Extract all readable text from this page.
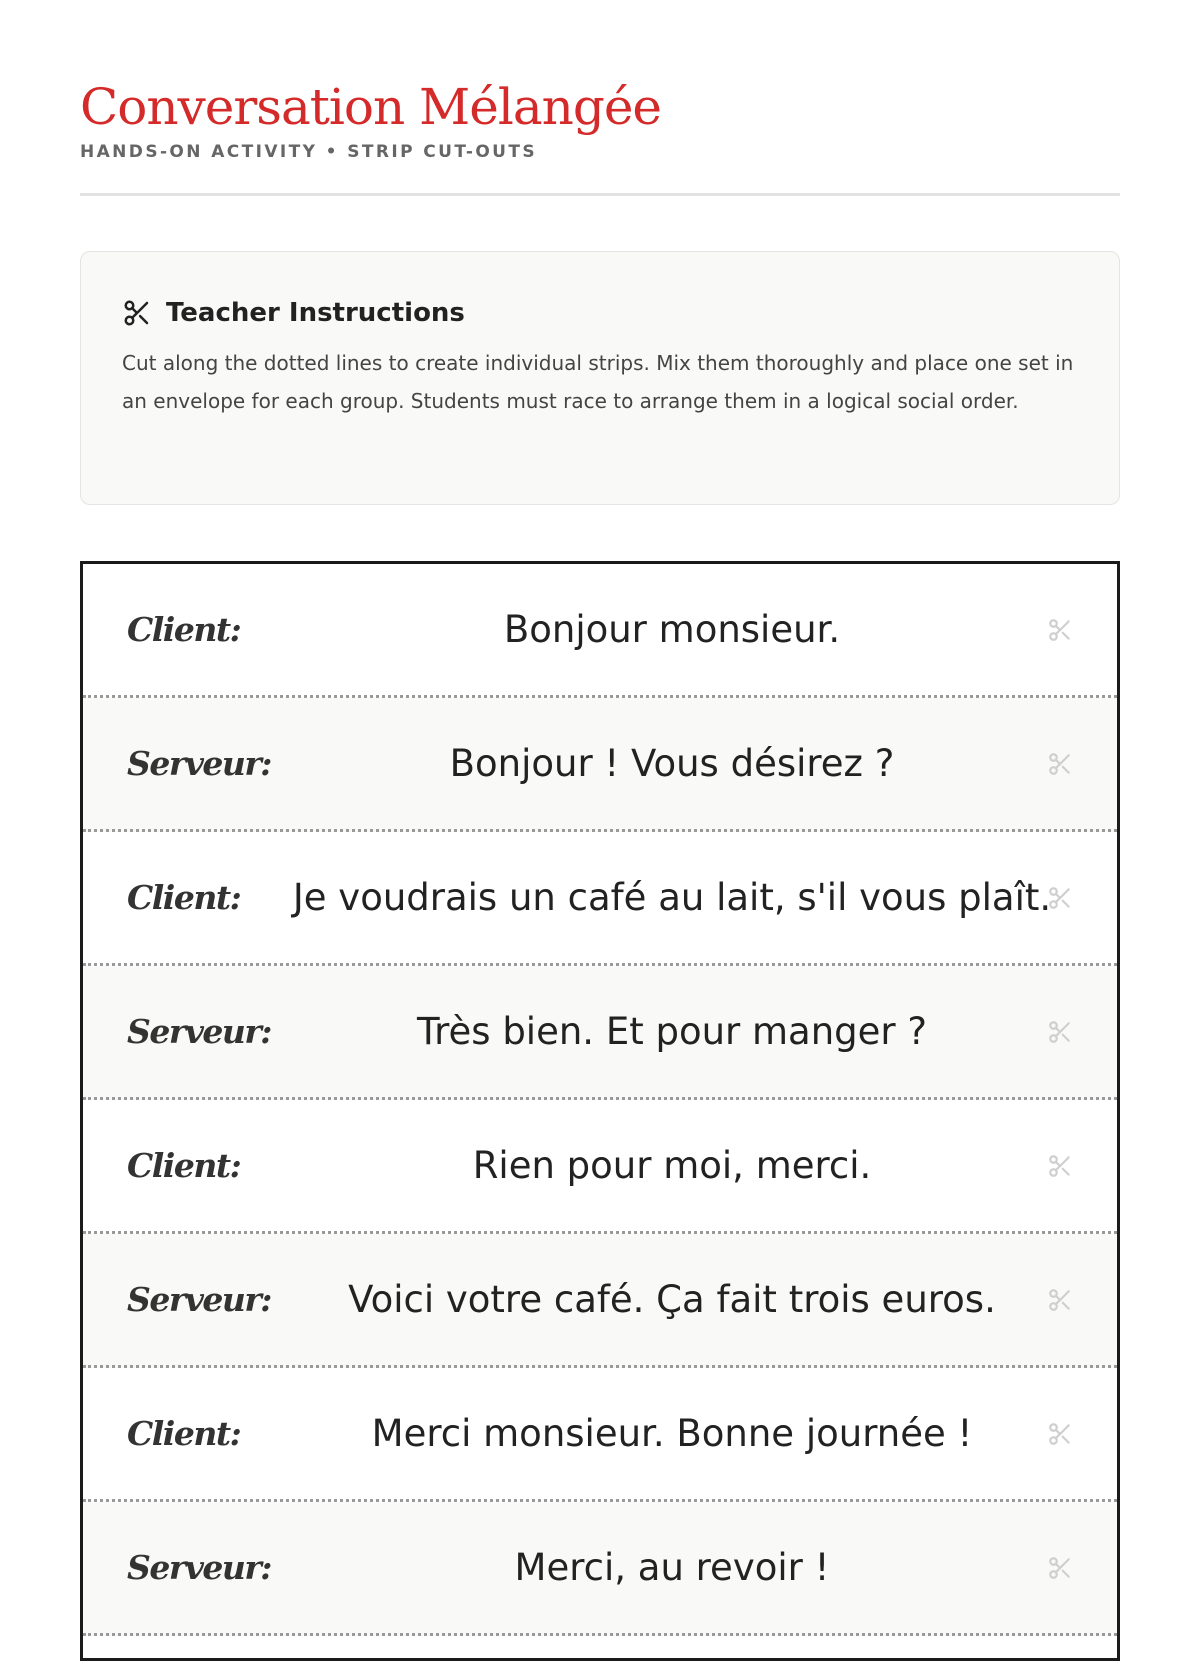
Conversation Mélangée
HANDS-ON ACTIVITY • STRIP CUT-OUTS
Teacher Instructions
Cut along the dotted lines to create individual strips. Mix them thoroughly and place one set in an envelope for each group. Students must race to arrange them in a logical social order.
Client:	Bonjour monsieur.
Serveur:	Bonjour ! Vous désirez ?
Client:	Je voudrais un café au lait, s'il vous plaît.
Serveur:	Très bien. Et pour manger ?
Client:	Rien pour moi, merci.
Serveur:	Voici votre café. Ça fait trois euros.
Client:	Merci monsieur. Bonne journée !
Serveur:	Merci, au revoir !
